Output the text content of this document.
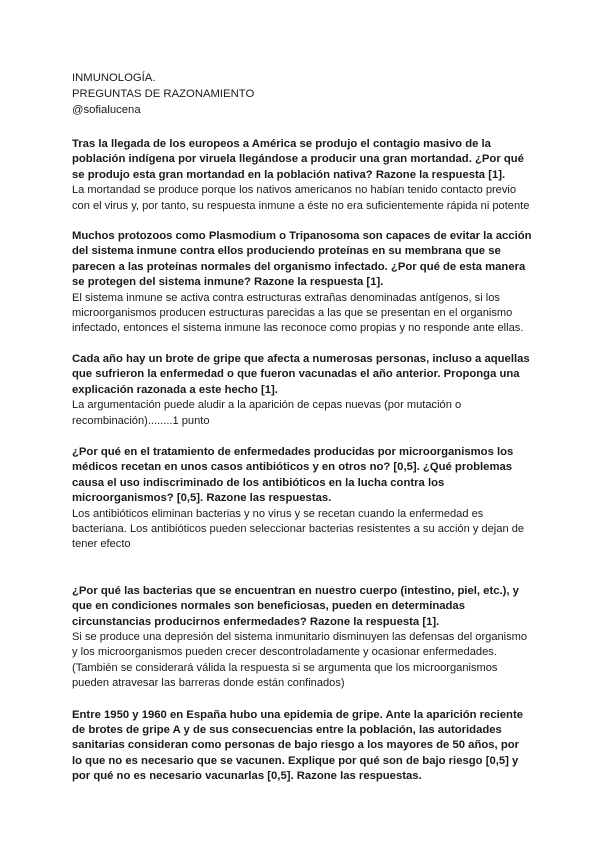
INMUNOLOGÍA.

PREGUNTAS DE RAZONAMIENTO

@sofialucena

Tras la llegada de los europeos a América se produjo el contagio masivo de la población indígena por viruela llegándose a producir una gran mortandad. ¿Por qué se produjo esta gran mortandad en la población nativa? Razone la respuesta [1].

La mortandad se produce porque los nativos americanos no habían tenido contacto previo con el virus y, por tanto, su respuesta inmune a éste no era suficientemente rápida ni potente

Muchos protozoos como Plasmodium o Tripanosoma son capaces de evitar la acción del sistema inmune contra ellos produciendo proteínas en su membrana que se parecen a las proteínas normales del organismo infectado. ¿Por qué de esta manera se protegen del sistema inmune? Razone la respuesta [1].

El sistema inmune se activa contra estructuras extrañas denominadas antígenos, si los microorganismos producen estructuras parecidas a las que se presentan en el organismo infectado, entonces el sistema inmune las reconoce como propias y no responde ante ellas.

Cada año hay un brote de gripe que afecta a numerosas personas, incluso a aquellas que sufrieron la enfermedad o que fueron vacunadas el año anterior. Proponga una explicación razonada a este hecho [1].

La argumentación puede aludir a la aparición de cepas nuevas (por mutación o recombinación)........1 punto

¿Por qué en el tratamiento de enfermedades producidas por microorganismos los médicos recetan en unos casos antibióticos y en otros no? [0,5]. ¿Qué problemas causa el uso indiscriminado de los antibióticos en la lucha contra los microorganismos? [0,5]. Razone las respuestas.

Los antibióticos eliminan bacterias y no virus y se recetan cuando la enfermedad es bacteriana. Los antibióticos pueden seleccionar bacterias resistentes a su acción y dejan de tener efecto

¿Por qué las bacterias que se encuentran en nuestro cuerpo (intestino, piel, etc.), y que en condiciones normales son beneficiosas, pueden en determinadas circunstancias producirnos enfermedades? Razone la respuesta [1].

Si se produce una depresión del sistema inmunitario disminuyen las defensas del organismo y los microorganismos pueden crecer descontroladamente y ocasionar enfermedades.

(También se considerará válida la respuesta si se argumenta que los microorganismos pueden atravesar las barreras donde están confinados)

Entre 1950 y 1960 en España hubo una epidemia de gripe. Ante la aparición reciente de brotes de gripe A y de sus consecuencias entre la población, las autoridades sanitarias consideran como personas de bajo riesgo a los mayores de 50 años, por lo que no es necesario que se vacunen. Explique por qué son de bajo riesgo [0,5] y por qué no es necesario vacunarlas [0,5]. Razone las respuestas.
